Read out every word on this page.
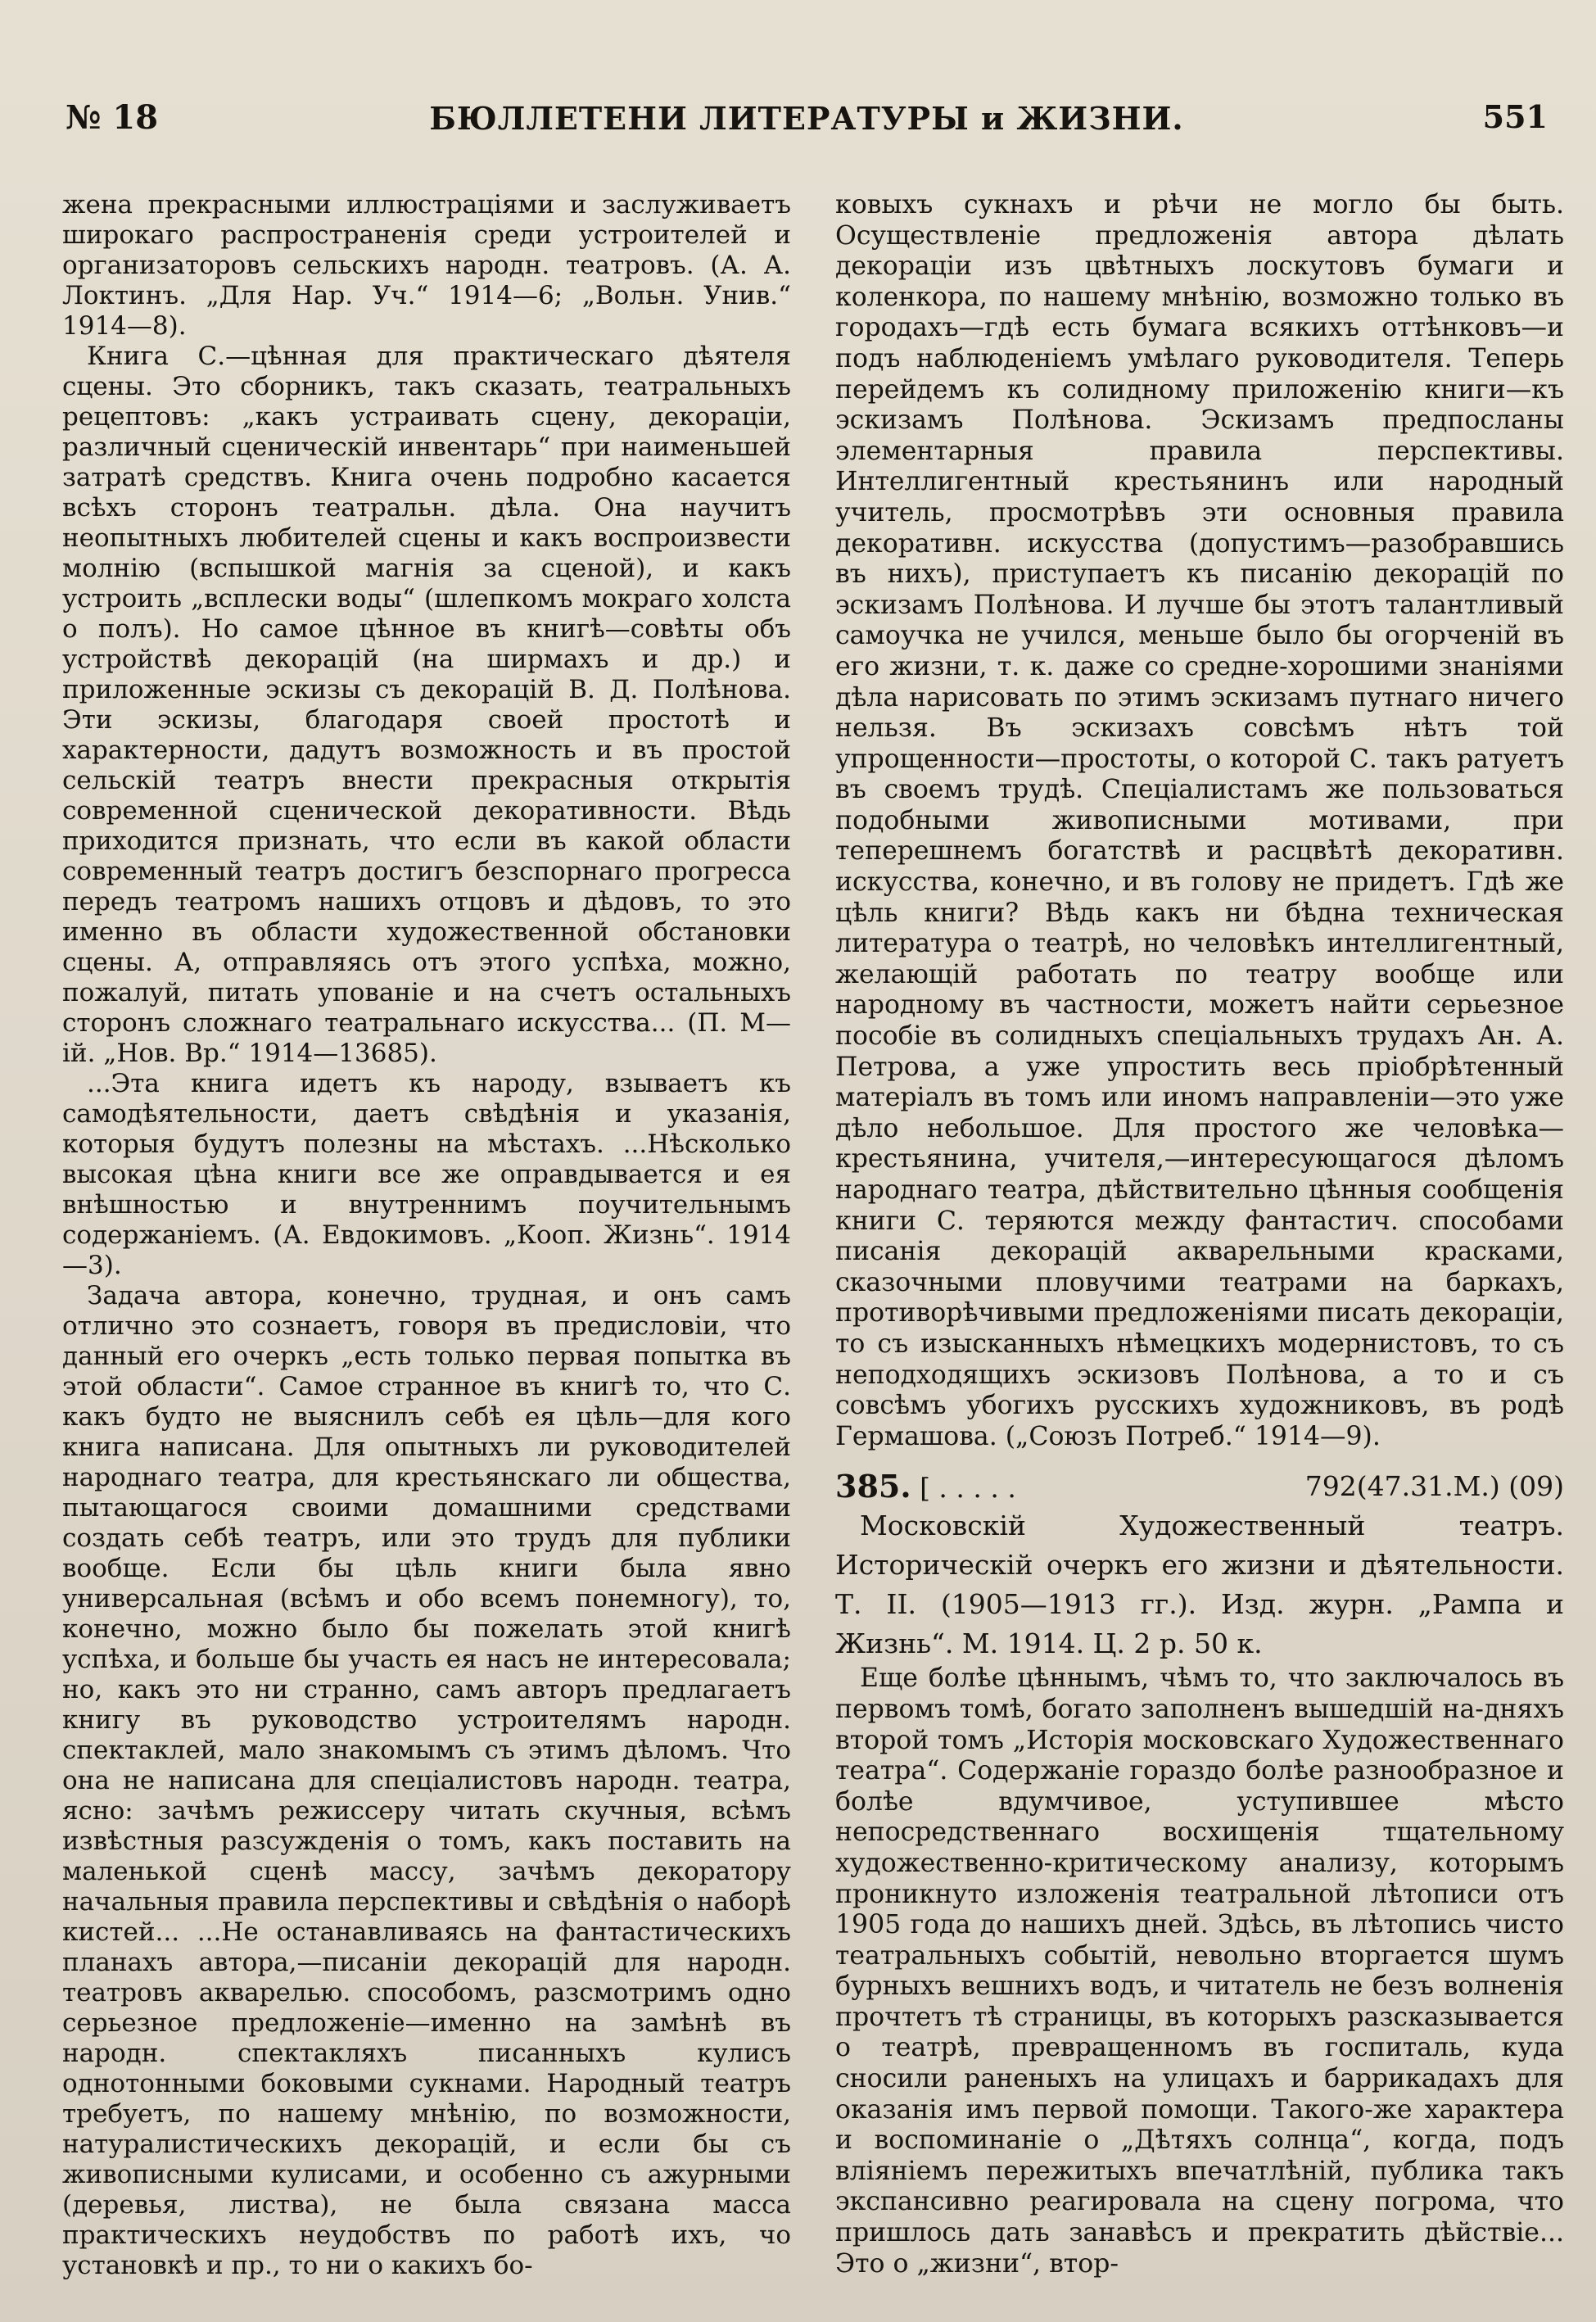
№ 18	БЮЛЛЕТЕНИ ЛИТЕРАТУРЫ и ЖИЗНИ.	551

жена прекрасными иллюстраціями и заслуживаетъ широкаго распространенія среди устроителей и организаторовъ сельскихъ народн. театровъ. (А. А. Локтинъ. „Для Нар. Уч.“ 1914—6; „Вольн. Унив.“ 1914—8).

Книга С.—цѣнная для практическаго дѣятеля сцены. Это сборникъ, такъ сказать, театральныхъ рецептовъ: „какъ устраивать сцену, декораціи, различный сценическій инвентарь“ при наименьшей затратѣ средствъ. Книга очень подробно касается всѣхъ сторонъ театральн. дѣла. Она научитъ неопытныхъ любителей сцены и какъ воспроизвести молнію (вспышкой магнія за сценой), и какъ устроить „всплески воды“ (шлепкомъ мокраго холста о полъ). Но самое цѣнное въ книгѣ—совѣты объ устройствѣ декорацій (на ширмахъ и др.) и приложенные эскизы съ декорацій В. Д. Полѣнова. Эти эскизы, благодаря своей простотѣ и характерности, дадутъ возможность и въ простой сельскій театръ внести прекрасныя открытія современной сценической декоративности. Вѣдь приходится признать, что если въ какой области современный театръ достигъ безспорнаго прогресса передъ театромъ нашихъ отцовъ и дѣдовъ, то это именно въ области художественной обстановки сцены. А, отправляясь отъ этого успѣха, можно, пожалуй, питать упованіе и на счетъ остальныхъ сторонъ сложнаго театральнаго искусства... (П. М—ій. „Нов. Вр.“ 1914—13685).

...Эта книга идетъ къ народу, взываетъ къ самодѣятельности, даетъ свѣдѣнія и указанія, которыя будутъ полезны на мѣстахъ. ...Нѣсколько высокая цѣна книги все же оправдывается и ея внѣшностью и внутреннимъ поучительнымъ содержаніемъ. (А. Евдокимовъ. „Кооп. Жизнь“. 1914—3).

Задача автора, конечно, трудная, и онъ самъ отлично это сознаетъ, говоря въ предисловіи, что данный его очеркъ „есть только первая попытка въ этой области“. Самое странное въ книгѣ то, что С. какъ будто не выяснилъ себѣ ея цѣль—для кого книга написана. Для опытныхъ ли руководителей народнаго театра, для крестьянскаго ли общества, пытающагося своими домашними средствами создать себѣ театръ, или это трудъ для публики вообще. Если бы цѣль книги была явно универсальная (всѣмъ и обо всемъ понемногу), то, конечно, можно было бы пожелать этой книгѣ успѣха, и больше бы участь ея насъ не интересовала; но, какъ это ни странно, самъ авторъ предлагаетъ книгу въ руководство устроителямъ народн. спектаклей, мало знакомымъ съ этимъ дѣломъ. Что она не написана для спеціалистовъ народн. театра, ясно: зачѣмъ режиссеру читать скучныя, всѣмъ извѣстныя разсужденія о томъ, какъ поставить на маленькой сценѣ массу, зачѣмъ декоратору начальныя правила перспективы и свѣдѣнія о наборѣ кистей... ...Не останавливаясь на фантастическихъ планахъ автора,—писаніи декорацій для народн. театровъ акварелью. способомъ, разсмотримъ одно серьезное предложеніе—именно на замѣнѣ въ народн. спектакляхъ писанныхъ кулисъ однотонными боковыми сукнами. Народный театръ требуетъ, по нашему мнѣнію, по возможности, натуралистическихъ декорацій, и если бы съ живописными кулисами, и особенно съ ажурными (деревья, листва), не была связана масса практическихъ неудобствъ по работѣ ихъ, чо установкѣ и пр., то ни о какихъ бо-

ковыхъ сукнахъ и рѣчи не могло бы быть. Осуществленіе предложенія автора дѣлать декораціи изъ цвѣтныхъ лоскутовъ бумаги и коленкора, по нашему мнѣнію, возможно только въ городахъ—гдѣ есть бумага всякихъ оттѣнковъ—и подъ наблюденіемъ умѣлаго руководителя. Теперь перейдемъ къ солидному приложенію книги—къ эскизамъ Полѣнова. Эскизамъ предпосланы элементарныя правила перспективы. Интеллигентный крестьянинъ или народный учитель, просмотрѣвъ эти основныя правила декоративн. искусства (допустимъ—разобравшись въ нихъ), приступаетъ къ писанію декорацій по эскизамъ Полѣнова. И лучше бы этотъ талантливый самоучка не учился, меньше было бы огорченій въ его жизни, т. к. даже со средне-хорошими знаніями дѣла нарисовать по этимъ эскизамъ путнаго ничего нельзя. Въ эскизахъ совсѣмъ нѣтъ той упрощенности—простоты, о которой С. такъ ратуетъ въ своемъ трудѣ. Спеціалистамъ же пользоваться подобными живописными мотивами, при теперешнемъ богатствѣ и расцвѣтѣ декоративн. искусства, конечно, и въ голову не придетъ. Гдѣ же цѣль книги? Вѣдь какъ ни бѣдна техническая литература о театрѣ, но человѣкъ интеллигентный, желающій работать по театру вообще или народному въ частности, можетъ найти серьезное пособіе въ солидныхъ спеціальныхъ трудахъ Ан. А. Петрова, а уже упростить весь пріобрѣтенный матеріалъ въ томъ или иномъ направленіи—это уже дѣло небольшое. Для простого же человѣка—крестьянина, учителя,—интересующагося дѣломъ народнаго театра, дѣйствительно цѣнныя сообщенія книги С. теряются между фантастич. способами писанія декорацій акварельными красками, сказочными пловучими театрами на баркахъ, противорѣчивыми предложеніями писать декораціи, то съ изысканныхъ нѣмецкихъ модернистовъ, то съ неподходящихъ эскизовъ Полѣнова, а то и съ совсѣмъ убогихъ русскихъ художниковъ, въ родѣ Гермашова. („Союзъ Потреб.“ 1914—9).

385. [ . . . . .	792(47.31.M.) (09)

Московскій Художественный театръ. Историческій очеркъ его жизни и дѣятельности. Т. II. (1905—1913 гг.). Изд. журн. „Рампа и Жизнь“. М. 1914. Ц. 2 р. 50 к.

Еще болѣе цѣннымъ, чѣмъ то, что заключалось въ первомъ томѣ, богато заполненъ вышедшій на-дняхъ второй томъ „Исторія московскаго Художественнаго театра“. Содержаніе гораздо болѣе разнообразное и болѣе вдумчивое, уступившее мѣсто непосредственнаго восхищенія тщательному художественно-критическому анализу, которымъ проникнуто изложенія театральной лѣтописи отъ 1905 года до нашихъ дней. Здѣсь, въ лѣтопись чисто театральныхъ событій, невольно вторгается шумъ бурныхъ вешнихъ водъ, и читатель не безъ волненія прочтетъ тѣ страницы, въ которыхъ разсказывается о театрѣ, превращенномъ въ госпиталь, куда сносили раненыхъ на улицахъ и баррикадахъ для оказанія имъ первой помощи. Такого-же характера и воспоминаніе о „Дѣтяхъ солнца“, когда, подъ вліяніемъ пережитыхъ впечатлѣній, публика такъ экспансивно реагировала на сцену погрома, что пришлось дать занавѣсъ и прекратить дѣйствіе... Это о „жизни“, втор-
